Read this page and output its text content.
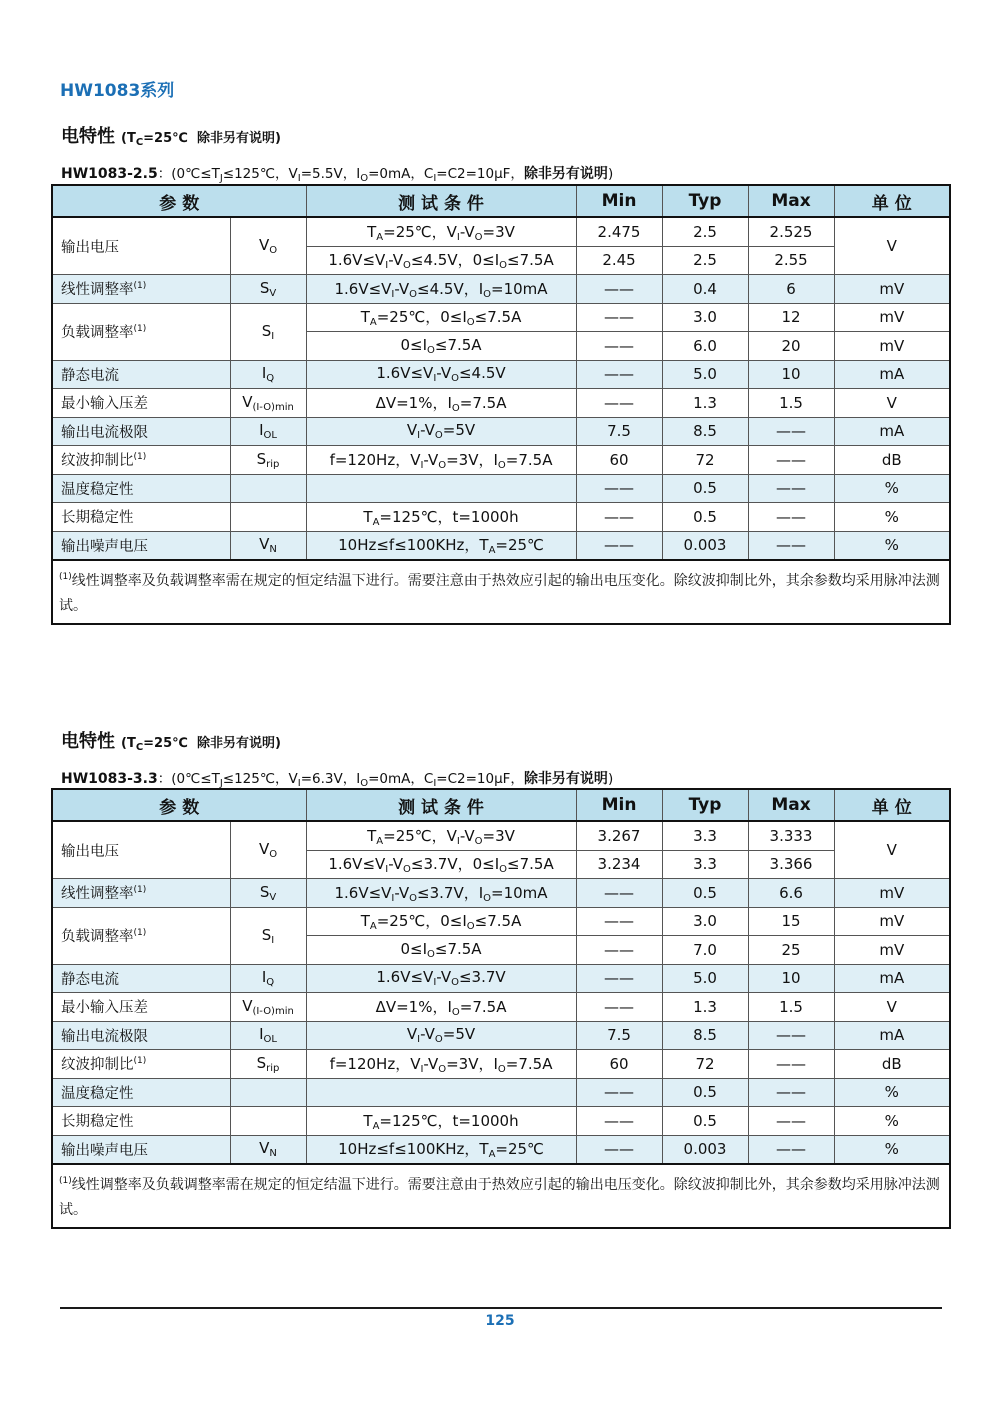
HW1083系列
电特性 ($T_C=25℃$ 除非另有说明)
HW1083-2.5：($0℃\le T_J\le 125℃$，$V_I=5.5V$，$I_O=0mA$，$C_I=C2=10\mu F$，除非另有说明)
参 数		测 试 条 件	Min	Typ	Max	单 位
输出电压	$V_O$	$T_A=25℃$，$V_I-V_O=3V$	2.475	2.5	2.525	V
		$1.6V\le V_I-V_O\le 4.5V$，$0\le I_O\le 7.5A$	2.45	2.5	2.55	
线性调整率$^{(1)}$	$S_V$	$1.6V\le V_I-V_O\le 4.5V$，$I_O=10mA$	——	0.4	6	mV
负载调整率$^{(1)}$	$S_I$	$T_A=25℃$，$0\le I_O\le 7.5A$	——	3.0	12	mV
		$0\le I_O\le 7.5A$	——	6.0	20	mV
静态电流	$I_Q$	$1.6V\le V_I-V_O\le 4.5V$	——	5.0	10	mA
最小输入压差	$V_{(I-O)min}$	ΔV=1%，$I_O=7.5A$	——	1.3	1.5	V
输出电流极限	$I_{OL}$	$V_I-V_O=5V$	7.5	8.5	——	mA
纹波抑制比$^{(1)}$	$S_{rip}$	f=120Hz，$V_I-V_O=3V$，$I_O=7.5A$	60	72	——	dB
温度稳定性			——	0.5	——	%
长期稳定性		$T_A=125℃$，t=1000h	——	0.5	——	%
输出噪声电压	$V_N$	10Hz≤f≤100KHz，$T_A=25℃$	——	0.003	——	%
$^{(1)}$线性调整率及负载调整率需在规定的恒定结温下进行。需要注意由于热效应引起的输出电压变化。除纹波抑制比外，其余参数均采用脉冲法测试。						
电特性 ($T_C=25℃$ 除非另有说明)
HW1083-3.3：($0℃\le T_J\le 125℃$，$V_I=6.3V$，$I_O=0mA$，$C_I=C2=10\mu F$，除非另有说明)
参 数		测 试 条 件	Min	Typ	Max	单 位
输出电压	$V_O$	$T_A=25℃$，$V_I-V_O=3V$	3.267	3.3	3.333	V
		$1.6V\le V_I-V_O\le 3.7V$，$0\le I_O\le 7.5A$	3.234	3.3	3.366	
线性调整率$^{(1)}$	$S_V$	$1.6V\le V_I-V_O\le 3.7V$，$I_O=10mA$	——	0.5	6.6	mV
负载调整率$^{(1)}$	$S_I$	$T_A=25℃$，$0\le I_O\le 7.5A$	——	3.0	15	mV
		$0\le I_O\le 7.5A$	——	7.0	25	mV
静态电流	$I_Q$	$1.6V\le V_I-V_O\le 3.7V$	——	5.0	10	mA
最小输入压差	$V_{(I-O)min}$	ΔV=1%，$I_O=7.5A$	——	1.3	1.5	V
输出电流极限	$I_{OL}$	$V_I-V_O=5V$	7.5	8.5	——	mA
纹波抑制比$^{(1)}$	$S_{rip}$	f=120Hz，$V_I-V_O=3V$，$I_O=7.5A$	60	72	——	dB
温度稳定性			——	0.5	——	%
长期稳定性		$T_A=125℃$，t=1000h	——	0.5	——	%
输出噪声电压	$V_N$	10Hz≤f≤100KHz，$T_A=25℃$	——	0.003	——	%
$^{(1)}$线性调整率及负载调整率需在规定的恒定结温下进行。需要注意由于热效应引起的输出电压变化。除纹波抑制比外，其余参数均采用脉冲法测试。						
125
